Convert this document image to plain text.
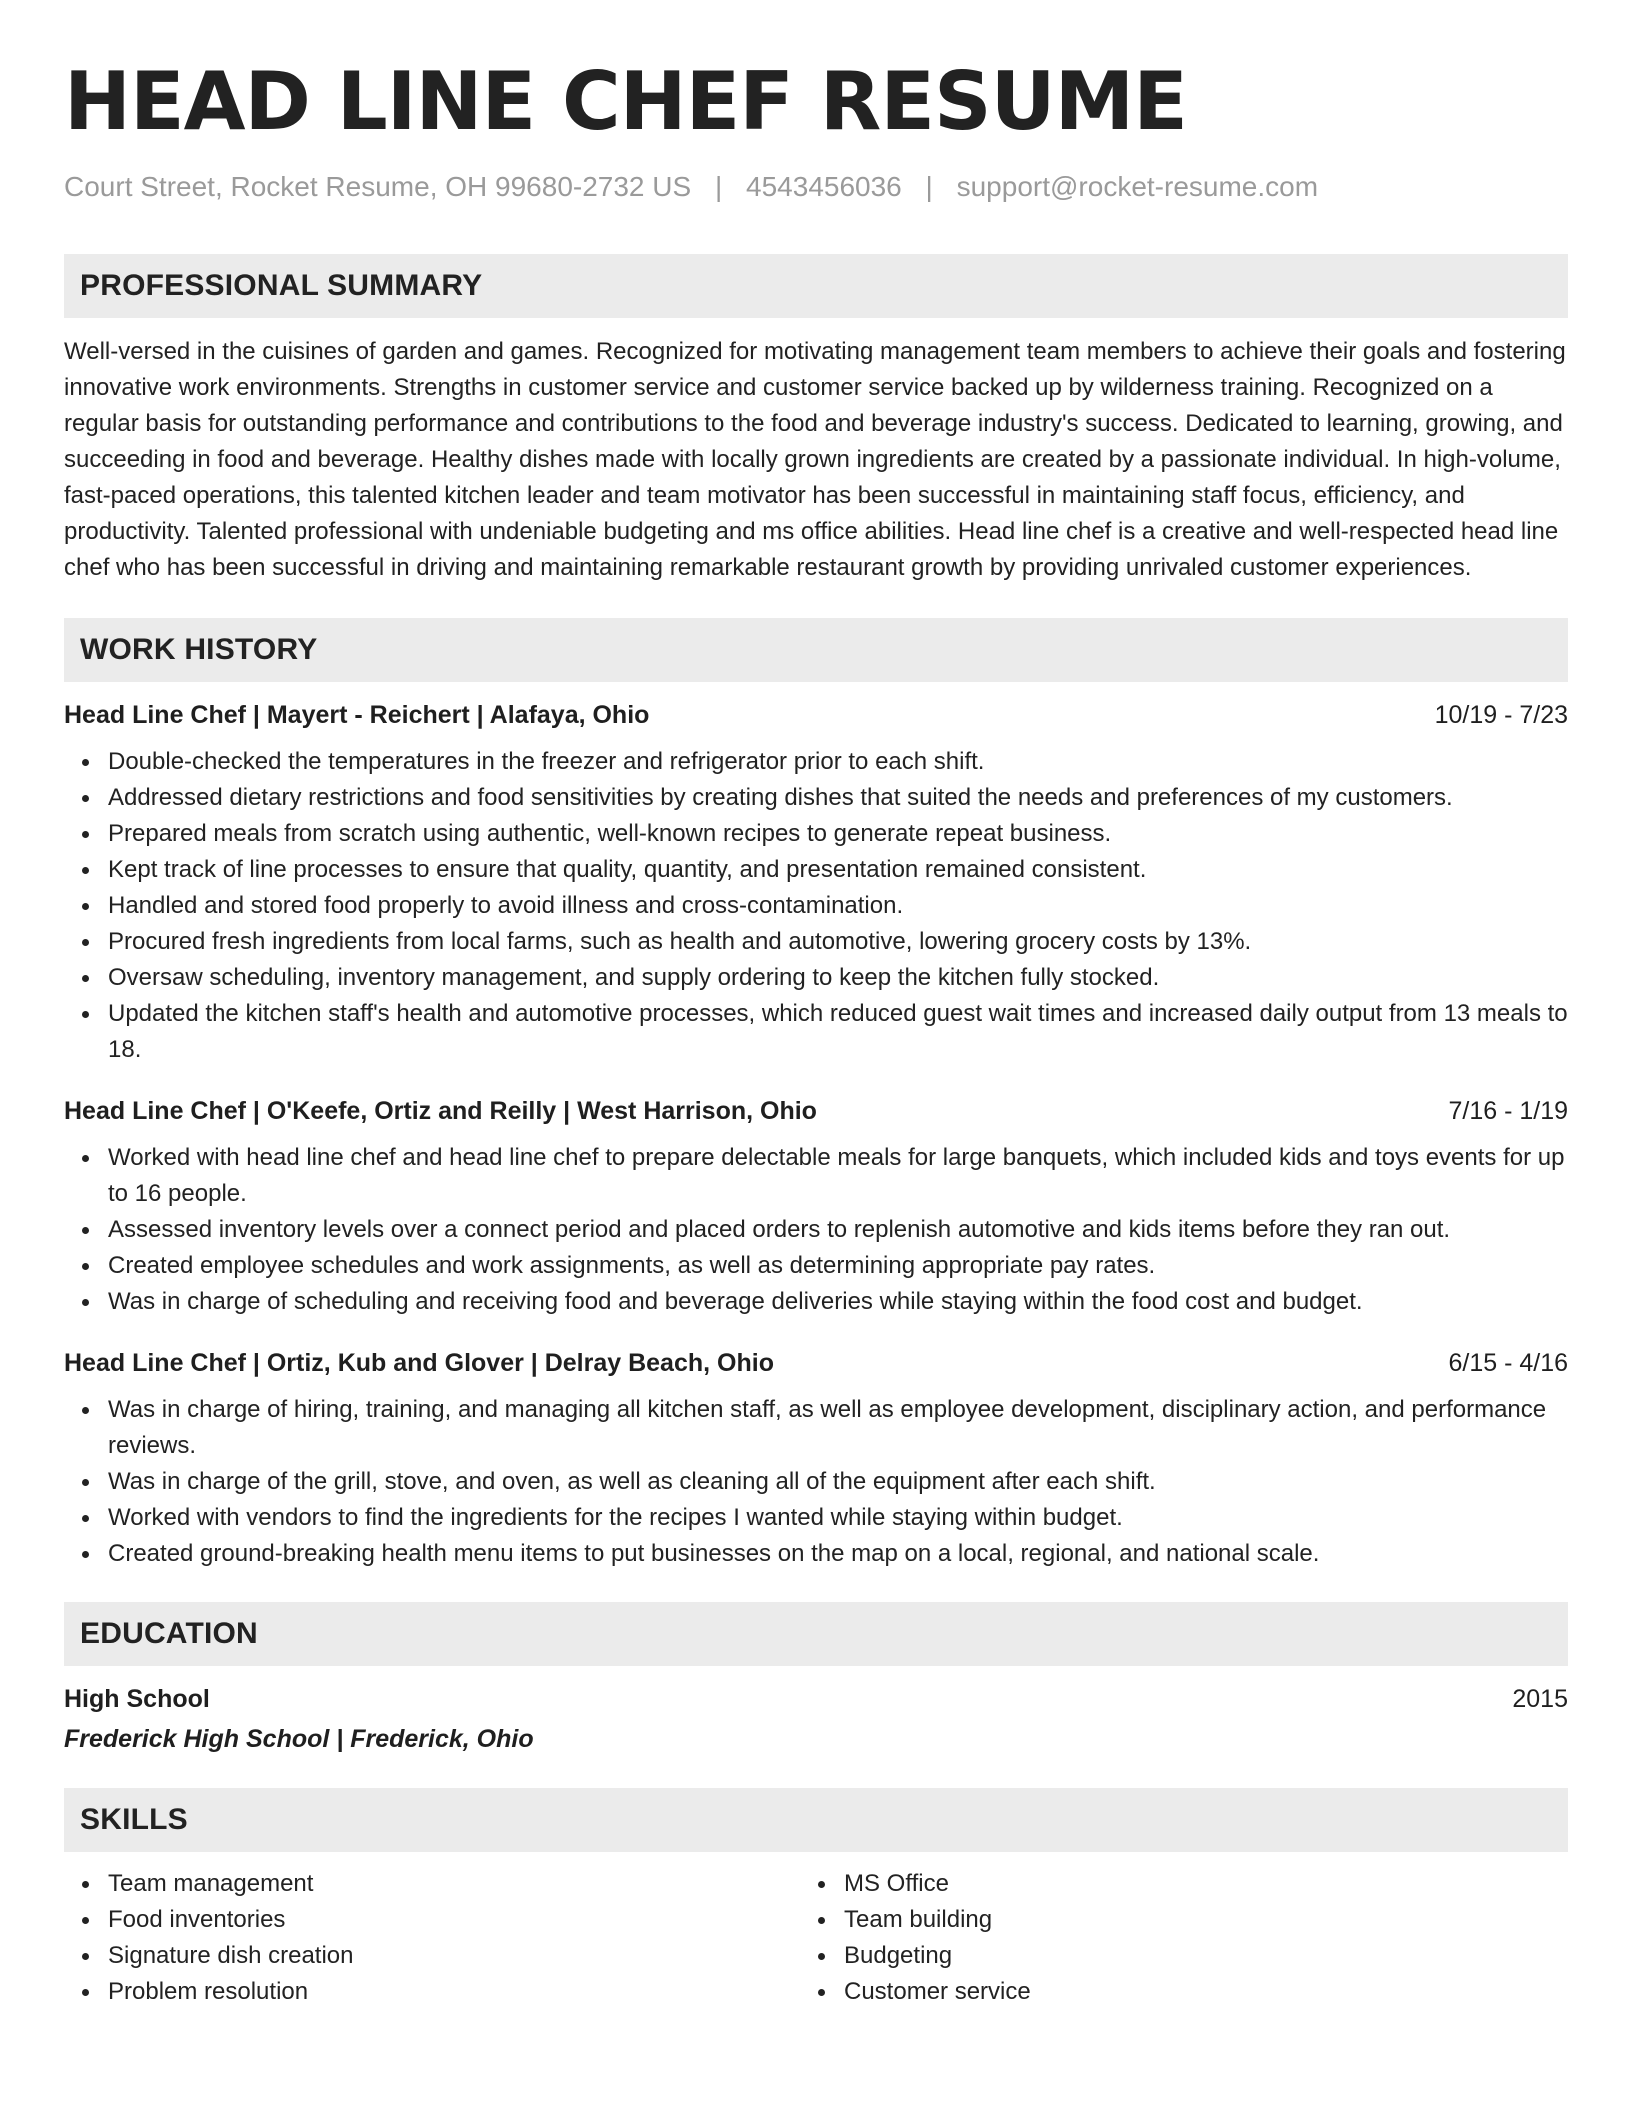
HEAD LINE CHEF RESUME
Court Street, Rocket Resume, OH 99680-2732 US | 4543456036 | support@rocket-resume.com
PROFESSIONAL SUMMARY
Well-versed in the cuisines of garden and games. Recognized for motivating management team members to achieve their goals and fostering innovative work environments. Strengths in customer service and customer service backed up by wilderness training. Recognized on a regular basis for outstanding performance and contributions to the food and beverage industry's success. Dedicated to learning, growing, and succeeding in food and beverage. Healthy dishes made with locally grown ingredients are created by a passionate individual. In high-volume, fast-paced operations, this talented kitchen leader and team motivator has been successful in maintaining staff focus, efficiency, and productivity. Talented professional with undeniable budgeting and ms office abilities. Head line chef is a creative and well-respected head line chef who has been successful in driving and maintaining remarkable restaurant growth by providing unrivaled customer experiences.
WORK HISTORY
Head Line Chef | Mayert - Reichert | Alafaya, Ohio	10/19 - 7/23
Double-checked the temperatures in the freezer and refrigerator prior to each shift.
Addressed dietary restrictions and food sensitivities by creating dishes that suited the needs and preferences of my customers.
Prepared meals from scratch using authentic, well-known recipes to generate repeat business.
Kept track of line processes to ensure that quality, quantity, and presentation remained consistent.
Handled and stored food properly to avoid illness and cross-contamination.
Procured fresh ingredients from local farms, such as health and automotive, lowering grocery costs by 13%.
Oversaw scheduling, inventory management, and supply ordering to keep the kitchen fully stocked.
Updated the kitchen staff's health and automotive processes, which reduced guest wait times and increased daily output from 13 meals to 18.
Head Line Chef | O'Keefe, Ortiz and Reilly | West Harrison, Ohio	7/16 - 1/19
Worked with head line chef and head line chef to prepare delectable meals for large banquets, which included kids and toys events for up to 16 people.
Assessed inventory levels over a connect period and placed orders to replenish automotive and kids items before they ran out.
Created employee schedules and work assignments, as well as determining appropriate pay rates.
Was in charge of scheduling and receiving food and beverage deliveries while staying within the food cost and budget.
Head Line Chef | Ortiz, Kub and Glover | Delray Beach, Ohio	6/15 - 4/16
Was in charge of hiring, training, and managing all kitchen staff, as well as employee development, disciplinary action, and performance reviews.
Was in charge of the grill, stove, and oven, as well as cleaning all of the equipment after each shift.
Worked with vendors to find the ingredients for the recipes I wanted while staying within budget.
Created ground-breaking health menu items to put businesses on the map on a local, regional, and national scale.
EDUCATION
High School	2015
Frederick High School | Frederick, Ohio
SKILLS
Team management
Food inventories
Signature dish creation
Problem resolution
MS Office
Team building
Budgeting
Customer service
